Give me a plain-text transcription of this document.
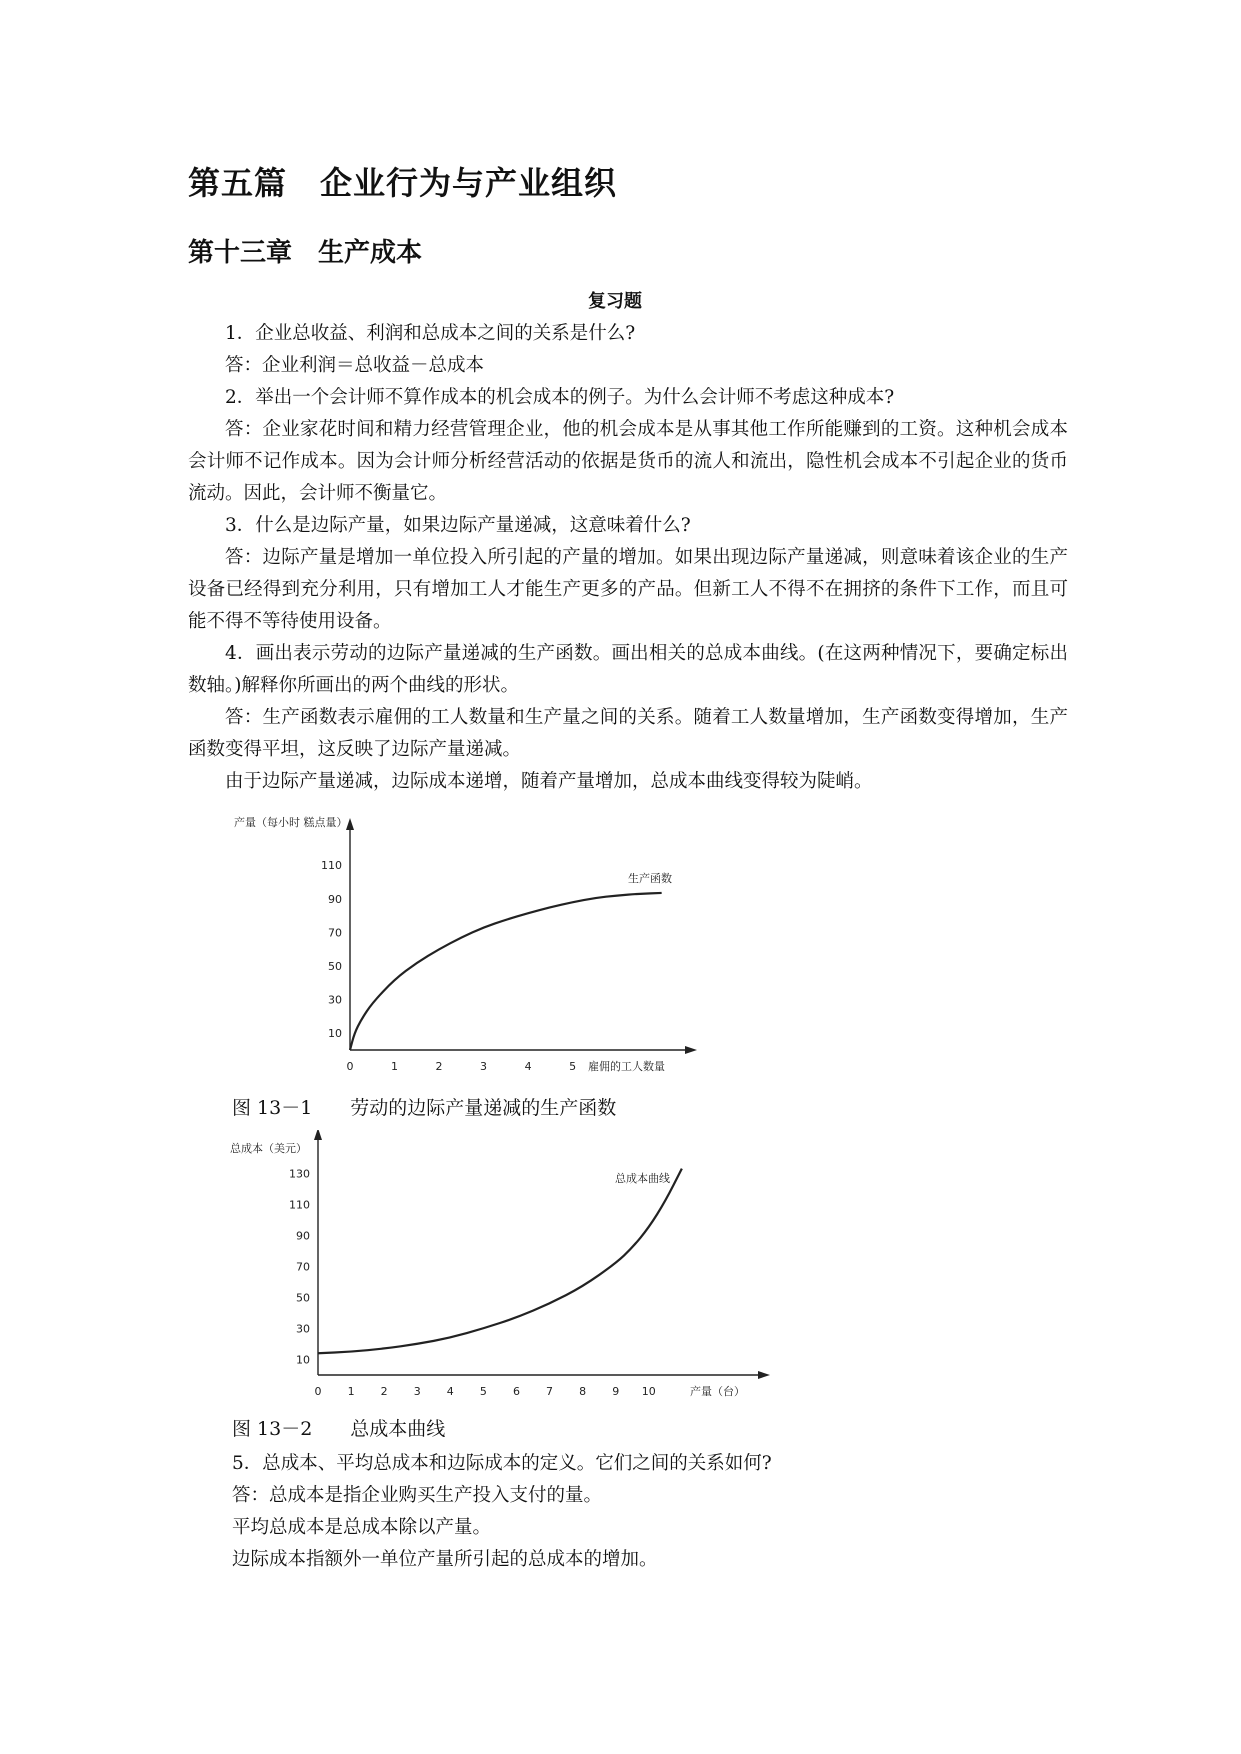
第五篇　企业行为与产业组织
第十三章　生产成本
复习题

1．企业总收益、利润和总成本之间的关系是什么?

答：企业利润＝总收益－总成本

2．举出一个会计师不算作成本的机会成本的例子。为什么会计师不考虑这种成本?

答：企业家花时间和精力经营管理企业，他的机会成本是从事其他工作所能赚到的工资。这种机会成本会计师不记作成本。因为会计师分析经营活动的依据是货币的流人和流出，隐性机会成本不引起企业的货币流动。因此，会计师不衡量它。

3．什么是边际产量，如果边际产量递减，这意味着什么?

答：边际产量是增加一单位投入所引起的产量的增加。如果出现边际产量递减，则意味着该企业的生产设备已经得到充分利用，只有增加工人才能生产更多的产品。但新工人不得不在拥挤的条件下工作，而且可能不得不等待使用设备。

4．画出表示劳动的边际产量递减的生产函数。画出相关的总成本曲线。(在这两种情况下，要确定标出数轴。)解释你所画出的两个曲线的形状。

答：生产函数表示雇佣的工人数量和生产量之间的关系。随着工人数量增加，生产函数变得增加，生产函数变得平坦，这反映了边际产量递减。

由于边际产量递减，边际成本递增，随着产量增加，总成本曲线变得较为陡峭。

10
30
50
70
90
110
0	1	2	3	4	5
产量（每小时 糕点量）
雇佣的工人数量
生产函数
图 13－1　　劳动的边际产量递减的生产函数
10
30
50
70
90
110
130
0 1 2 3 4 5 6 7 8 9 10
总成本（美元）
产量（台）
总成本曲线
图 13－2　　总成本曲线

5．总成本、平均总成本和边际成本的定义。它们之间的关系如何?

答：总成本是指企业购买生产投入支付的量。

平均总成本是总成本除以产量。

边际成本指额外一单位产量所引起的总成本的增加。
